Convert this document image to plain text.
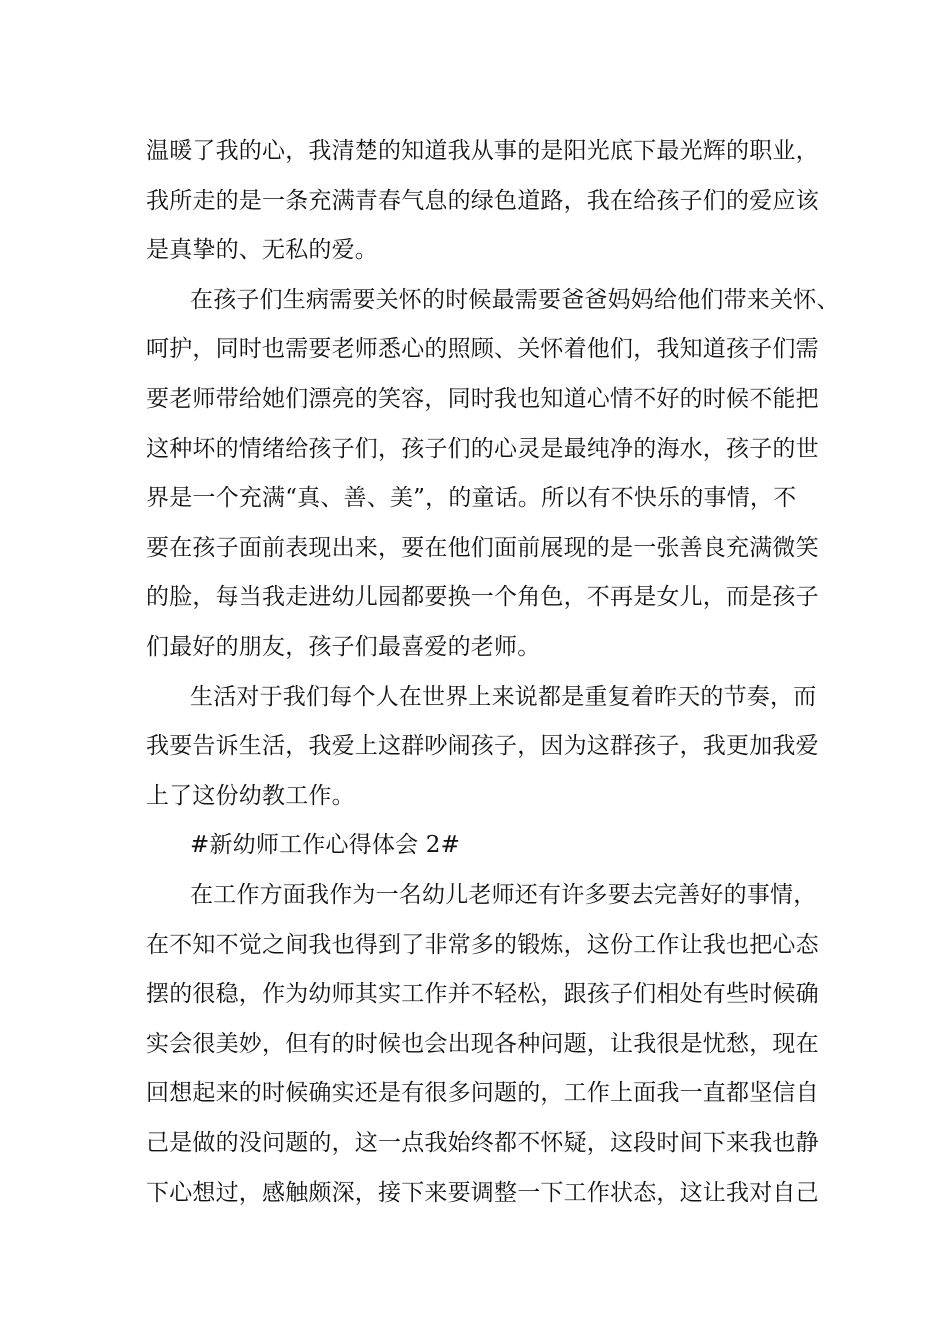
温暖了我的心，我清楚的知道我从事的是阳光底下最光辉的职业，
我所走的是一条充满青春气息的绿色道路，我在给孩子们的爱应该
是真挚的、无私的爱。
在孩子们生病需要关怀的时候最需要爸爸妈妈给他们带来关怀、
呵护，同时也需要老师悉心的照顾、关怀着他们，我知道孩子们需
要老师带给她们漂亮的笑容，同时我也知道心情不好的时候不能把
这种坏的情绪给孩子们，孩子们的心灵是最纯净的海水，孩子的世
界是一个充满“真、善、美”，的童话。所以有不快乐的事情，不
要在孩子面前表现出来，要在他们面前展现的是一张善良充满微笑
的脸，每当我走进幼儿园都要换一个角色，不再是女儿，而是孩子
们最好的朋友，孩子们最喜爱的老师。
生活对于我们每个人在世界上来说都是重复着昨天的节奏，而
我要告诉生活，我爱上这群吵闹孩子，因为这群孩子，我更加我爱
上了这份幼教工作。
#新幼师工作心得体会 2#
在工作方面我作为一名幼儿老师还有许多要去完善好的事情，
在不知不觉之间我也得到了非常多的锻炼，这份工作让我也把心态
摆的很稳，作为幼师其实工作并不轻松，跟孩子们相处有些时候确
实会很美妙，但有的时候也会出现各种问题，让我很是忧愁，现在
回想起来的时候确实还是有很多问题的，工作上面我一直都坚信自
己是做的没问题的，这一点我始终都不怀疑，这段时间下来我也静
下心想过，感触颇深，接下来要调整一下工作状态，这让我对自己
